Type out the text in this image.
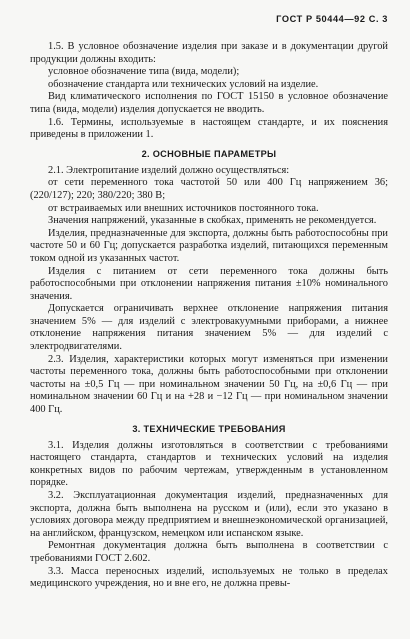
ГОСТ Р 50444—92 С. 3

1.5. В условное обозначение изделия при заказе и в документации другой продукции должны входить:

условное обозначение типа (вида, модели);

обозначение стандарта или технических условий на изделие.

Вид климатического исполнения по ГОСТ 15150 в условное обозначение типа (вида, модели) изделия допускается не вводить.

1.6. Термины, используемые в настоящем стандарте, и их пояснения приведены в приложении 1.

2. ОСНОВНЫЕ ПАРАМЕТРЫ

2.1. Электропитание изделий должно осуществляться:

от сети переменного тока частотой 50 или 400 Гц напряжением 36; (220/127); 220; 380/220; 380 В;

от встраиваемых или внешних источников постоянного тока.

Значения напряжений, указанные в скобках, применять не рекомендуется.

Изделия, предназначенные для экспорта, должны быть работоспособны при частоте 50 и 60 Гц; допускается разработка изделий, питающихся переменным током одной из указанных частот.

Изделия с питанием от сети переменного тока должны быть работоспособными при отклонении напряжения питания ±10% номинального значения.

Допускается ограничивать верхнее отклонение напряжения питания значением 5% — для изделий с электровакуумными приборами, а нижнее отклонение напряжения питания значением 5% — для изделий с электродвигателями.

2.3. Изделия, характеристики которых могут изменяться при изменении частоты переменного тока, должны быть работоспособными при отклонении частоты на ±0,5 Гц — при номинальном значении 50 Гц, на ±0,6 Гц — при номинальном значении 60 Гц и на +28 и −12 Гц — при номинальном значении 400 Гц.

3. ТЕХНИЧЕСКИЕ ТРЕБОВАНИЯ

3.1. Изделия должны изготовляться в соответствии с требованиями настоящего стандарта, стандартов и технических условий на изделия конкретных видов по рабочим чертежам, утвержденным в установленном порядке.

3.2. Эксплуатационная документация изделий, предназначенных для экспорта, должна быть выполнена на русском и (или), если это указано в условиях договора между предприятием и внешнеэкономической организацией, на английском, французском, немецком или испанском языке.

Ремонтная документация должна быть выполнена в соответствии с требованиями ГОСТ 2.602.

3.3. Масса переносных изделий, используемых не только в пределах медицинского учреждения, но и вне его, не должна превы-
